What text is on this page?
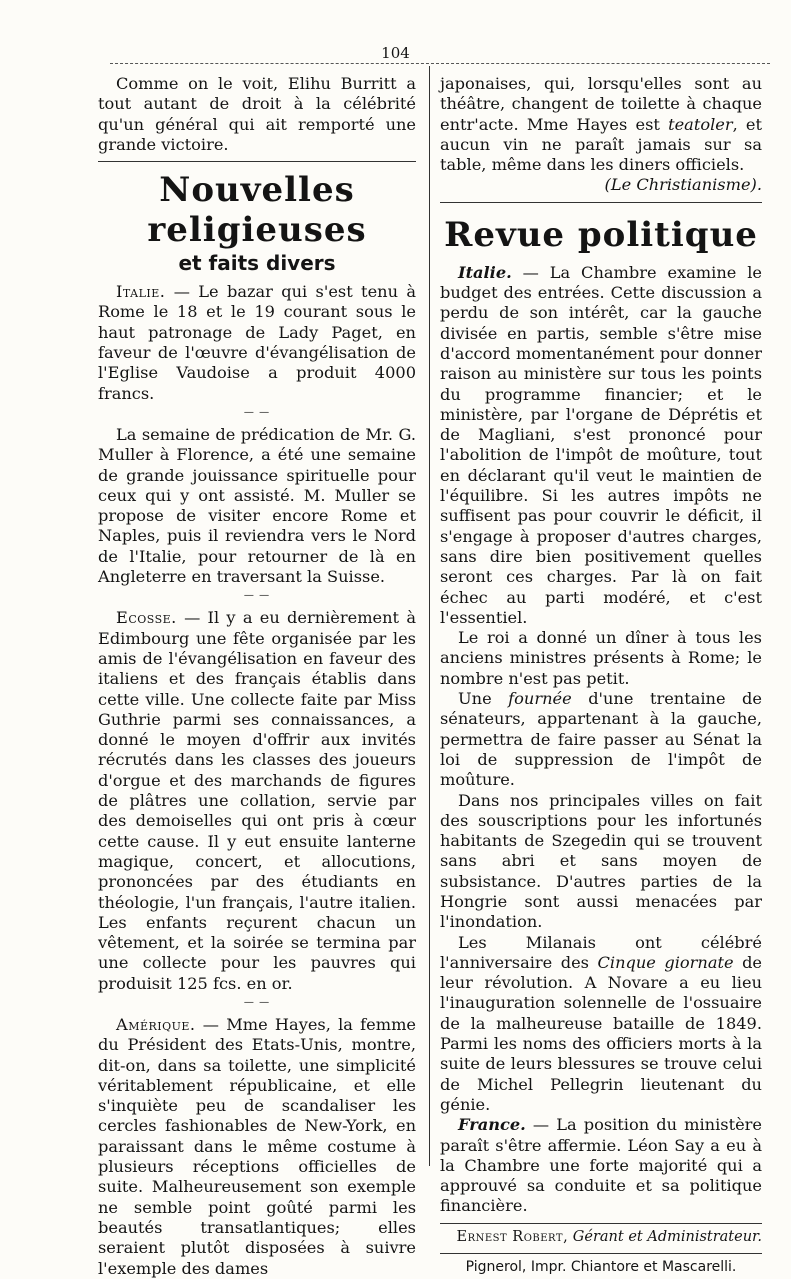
104

Comme on le voit, Elihu Burritt a tout autant de droit à la célébrité qu'un général qui ait remporté une grande victoire.

Nouvelles religieuses
et faits divers

Italie. — Le bazar qui s'est tenu à Rome le 18 et le 19 courant sous le haut patronage de Lady Paget, en faveur de l'œuvre d'évangélisation de l'Eglise Vaudoise a produit 4000 francs.

— —

La semaine de prédication de Mr. G. Muller à Florence, a été une semaine de grande jouissance spirituelle pour ceux qui y ont assisté. M. Muller se propose de visiter encore Rome et Naples, puis il reviendra vers le Nord de l'Italie, pour retourner de là en Angleterre en traversant la Suisse.

— —

Ecosse. — Il y a eu dernièrement à Edimbourg une fête organisée par les amis de l'évangélisation en faveur des italiens et des français établis dans cette ville. Une collecte faite par Miss Guthrie parmi ses connaissances, a donné le moyen d'offrir aux invités récrutés dans les classes des joueurs d'orgue et des marchands de figures de plâtres une collation, servie par des demoiselles qui ont pris à cœur cette cause. Il y eut ensuite lanterne magique, concert, et allocutions, prononcées par des étudiants en théologie, l'un français, l'autre italien. Les enfants reçurent chacun un vêtement, et la soirée se termina par une collecte pour les pauvres qui produisit 125 fcs. en or.

— —

Amérique. — Mme Hayes, la femme du Président des Etats-Unis, montre, dit-on, dans sa toilette, une simplicité véritablement républicaine, et elle s'inquiète peu de scandaliser les cercles fashionables de New-York, en paraissant dans le même costume à plusieurs réceptions officielles de suite. Malheureusement son exemple ne semble point goûté parmi les beautés transatlantiques; elles seraient plutôt disposées à suivre l'exemple des dames

japonaises, qui, lorsqu'elles sont au théâtre, changent de toilette à chaque entr'acte. Mme Hayes est teatoler, et aucun vin ne paraît jamais sur sa table, même dans les diners officiels.

(Le Christianisme).

Revue politique

Italie. — La Chambre examine le budget des entrées. Cette discussion a perdu de son intérêt, car la gauche divisée en partis, semble s'être mise d'accord momentanément pour donner raison au ministère sur tous les points du programme financier; et le ministère, par l'organe de Déprétis et de Magliani, s'est prononcé pour l'abolition de l'impôt de moûture, tout en déclarant qu'il veut le maintien de l'équilibre. Si les autres impôts ne suffisent pas pour couvrir le déficit, il s'engage à proposer d'autres charges, sans dire bien positivement quelles seront ces charges. Par là on fait échec au parti modéré, et c'est l'essentiel.

Le roi a donné un dîner à tous les anciens ministres présents à Rome; le nombre n'est pas petit.

Une fournée d'une trentaine de sénateurs, appartenant à la gauche, permettra de faire passer au Sénat la loi de suppression de l'impôt de moûture.

Dans nos principales villes on fait des souscriptions pour les infortunés habitants de Szegedin qui se trouvent sans abri et sans moyen de subsistance. D'autres parties de la Hongrie sont aussi menacées par l'inondation.

Les Milanais ont célébré l'anniversaire des Cinque giornate de leur révolution. A Novare a eu lieu l'inauguration solennelle de l'ossuaire de la malheureuse bataille de 1849. Parmi les noms des officiers morts à la suite de leurs blessures se trouve celui de Michel Pellegrin lieutenant du génie.

France. — La position du ministère paraît s'être affermie. Léon Say a eu à la Chambre une forte majorité qui a approuvé sa conduite et sa politique financière.

Ernest Robert, Gérant et Administrateur.

Pignerol, Impr. Chiantore et Mascarelli.
